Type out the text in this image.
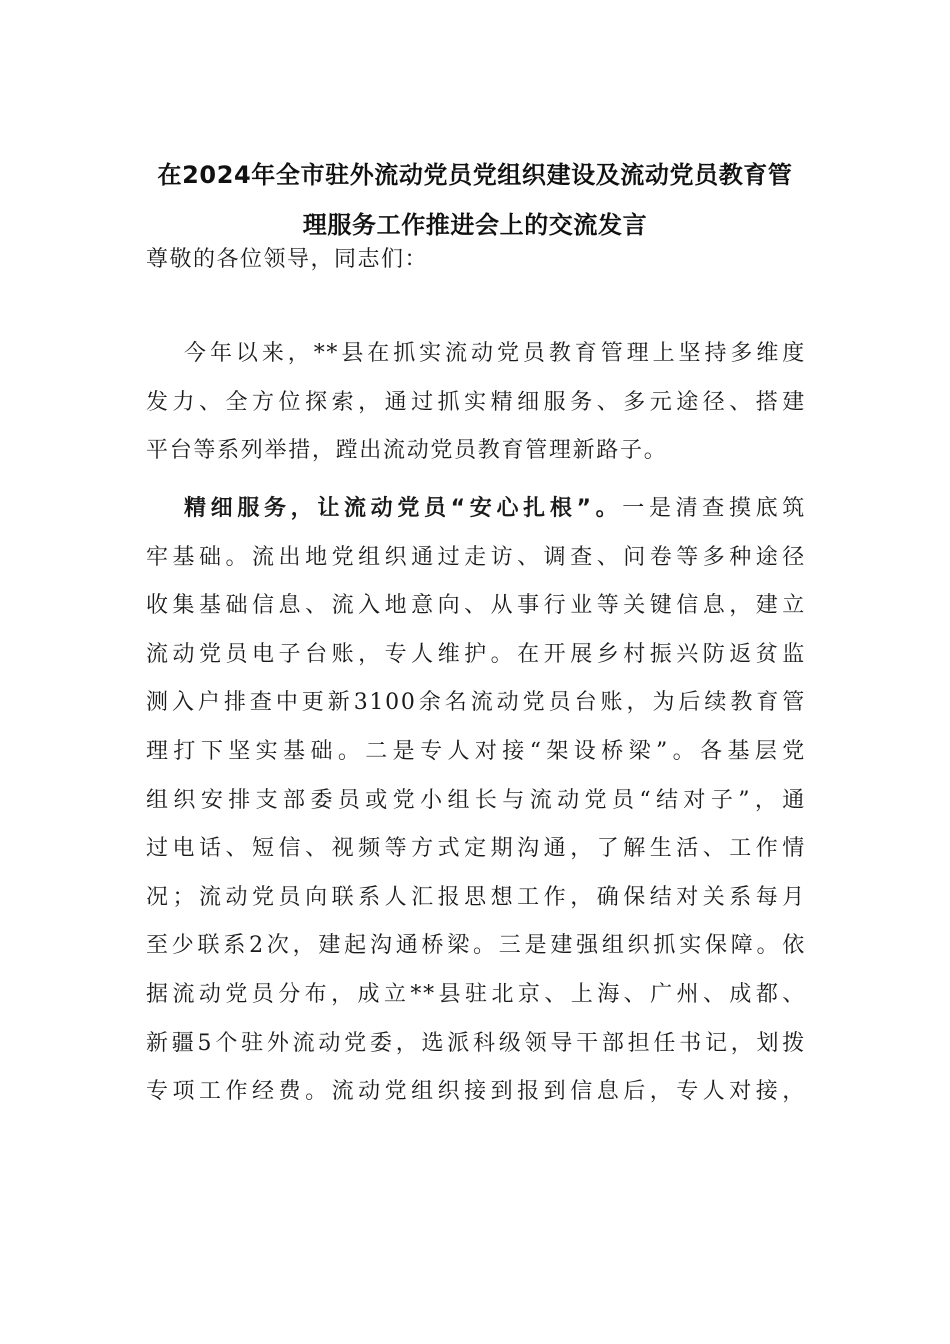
在2024年全市驻外流动党员党组织建设及流动党员教育管
理服务工作推进会上的交流发言
尊敬的各位领导，同志们：
今年以来，**县在抓实流动党员教育管理上坚持多维度
发力、全方位探索，通过抓实精细服务、多元途径、搭建
平台等系列举措，蹚出流动党员教育管理新路子。
精细服务，让流动党员“安心扎根”。一是清查摸底筑
牢基础。流出地党组织通过走访、调查、问卷等多种途径
收集基础信息、流入地意向、从事行业等关键信息，建立
流动党员电子台账，专人维护。在开展乡村振兴防返贫监
测入户排查中更新3100余名流动党员台账，为后续教育管
理打下坚实基础。二是专人对接“架设桥梁”。各基层党
组织安排支部委员或党小组长与流动党员“结对子”，通
过电话、短信、视频等方式定期沟通，了解生活、工作情
况；流动党员向联系人汇报思想工作，确保结对关系每月
至少联系2次，建起沟通桥梁。三是建强组织抓实保障。依
据流动党员分布，成立**县驻北京、上海、广州、成都、
新疆5个驻外流动党委，选派科级领导干部担任书记，划拨
专项工作经费。流动党组织接到报到信息后，专人对接，
